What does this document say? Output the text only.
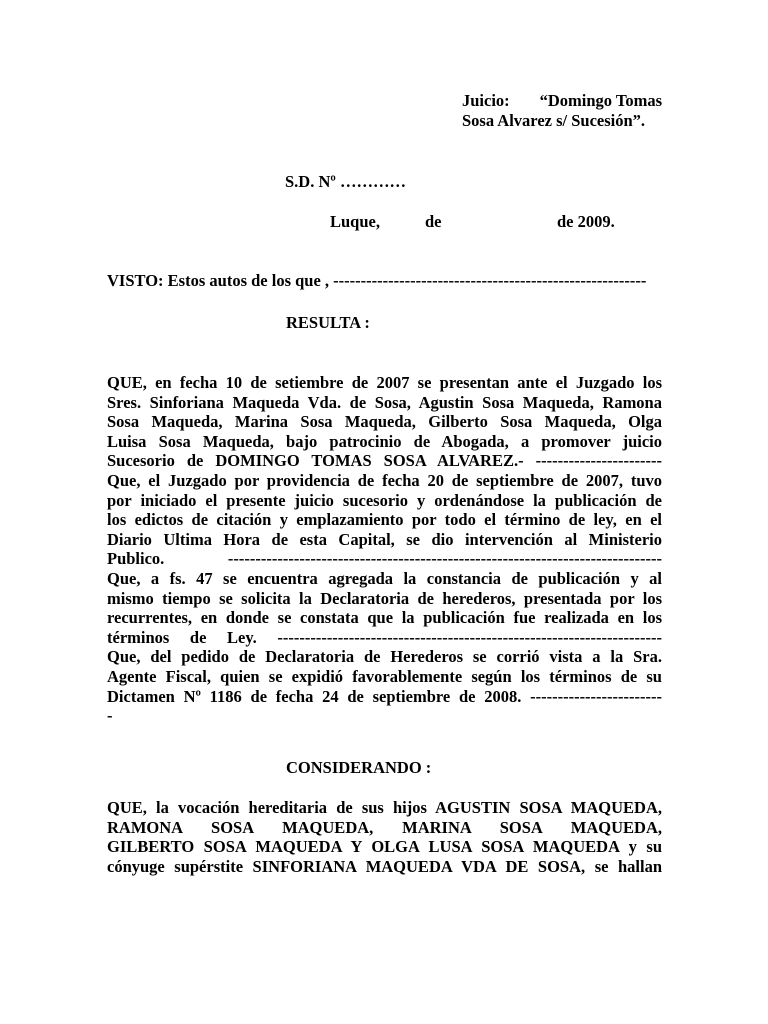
Juicio: “Domingo Tomas
Sosa Alvarez s/ Sucesión”.
S.D. Nº …………
Luque,	de	de 2009.
VISTO: Estos autos de los que , ---------------------------------------------------------
RESULTA :
QUE, en fecha 10 de setiembre de 2007 se presentan ante el Juzgado los
Sres. Sinforiana Maqueda Vda. de Sosa, Agustin Sosa Maqueda, Ramona
Sosa Maqueda, Marina Sosa Maqueda, Gilberto Sosa Maqueda, Olga
Luisa Sosa Maqueda, bajo patrocinio de Abogada, a promover juicio
Sucesorio de DOMINGO TOMAS SOSA ALVAREZ.- -----------------------
Que, el Juzgado por providencia de fecha 20 de septiembre de 2007, tuvo
por iniciado el presente juicio sucesorio y ordenándose la publicación de
los edictos de citación y emplazamiento por todo el término de ley, en el
Diario Ultima Hora de esta Capital, se dio intervención al Ministerio
Publico. -------------------------------------------------------------------------------
Que, a fs. 47 se encuentra agregada la constancia de publicación y al
mismo tiempo se solicita la Declaratoria de herederos, presentada por los
recurrentes, en donde se constata que la publicación fue realizada en los
términos de Ley. ----------------------------------------------------------------------
Que, del pedido de Declaratoria de Herederos se corrió vista a la Sra.
Agente Fiscal, quien se expidió favorablemente según los términos de su
Dictamen Nº 1186 de fecha 24 de septiembre de 2008. ------------------------
-
CONSIDERANDO :
QUE, la vocación hereditaria de sus hijos AGUSTIN SOSA MAQUEDA,
RAMONA SOSA MAQUEDA, MARINA SOSA MAQUEDA,
GILBERTO SOSA MAQUEDA Y OLGA LUSA SOSA MAQUEDA y su
cónyuge supérstite SINFORIANA MAQUEDA VDA DE SOSA, se hallan
